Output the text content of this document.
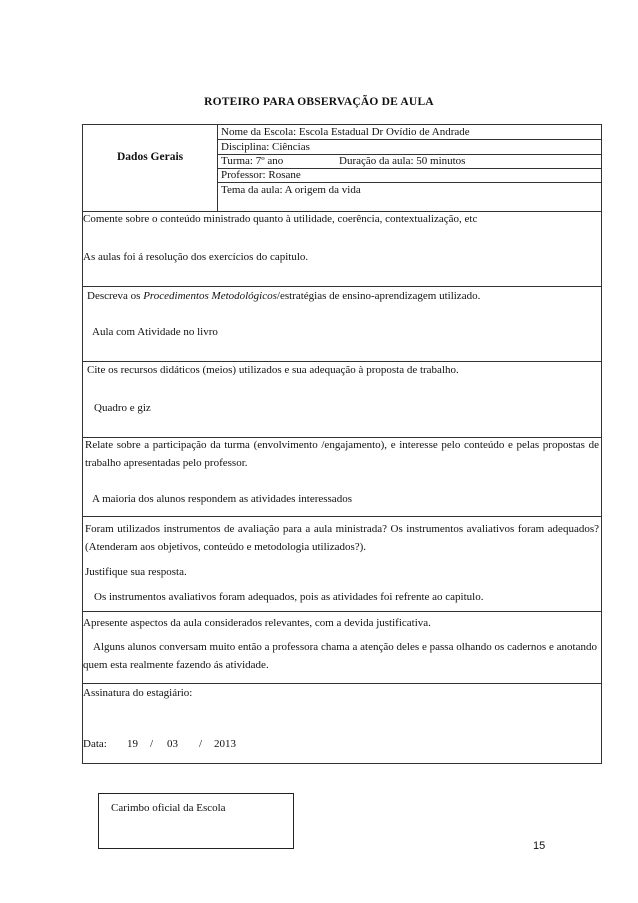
ROTEIRO PARA OBSERVAÇÃO DE AULA
Dados Gerais
Nome da Escola: Escola Estadual Dr Ovídio de Andrade
Disciplina: Ciências
Turma: 7º ano	Duração da aula: 50 minutos
Professor: Rosane
Tema da aula: A origem da vida
Comente sobre o conteúdo ministrado quanto à utilidade, coerência, contextualização, etc
As aulas foi á resolução dos exercícios do capitulo.
Descreva os Procedimentos Metodológicos/estratégias de ensino-aprendizagem utilizado.
Aula com Atividade no livro
Cite os recursos didáticos (meios) utilizados e sua adequação à proposta de trabalho.
Quadro e giz
Relate sobre a participação da turma (envolvimento /engajamento), e interesse pelo conteúdo e pelas propostas de trabalho apresentadas pelo professor.
A maioria dos alunos respondem as atividades interessados
Foram utilizados instrumentos de avaliação para a aula ministrada? Os instrumentos avaliativos foram adequados? (Atenderam aos objetivos, conteúdo e metodologia utilizados?).
Justifique sua resposta.
Os instrumentos avaliativos foram adequados, pois as atividades foi refrente ao capitulo.
Apresente aspectos da aula considerados relevantes, com a devida justificativa.
Alguns alunos conversam muito então a professora chama a atenção deles e passa olhando os cadernos e anotando quem esta realmente fazendo ás atividade.
Assinatura do estagiário:
Data: 19 / 03 / 2013
Carimbo oficial da Escola
15
